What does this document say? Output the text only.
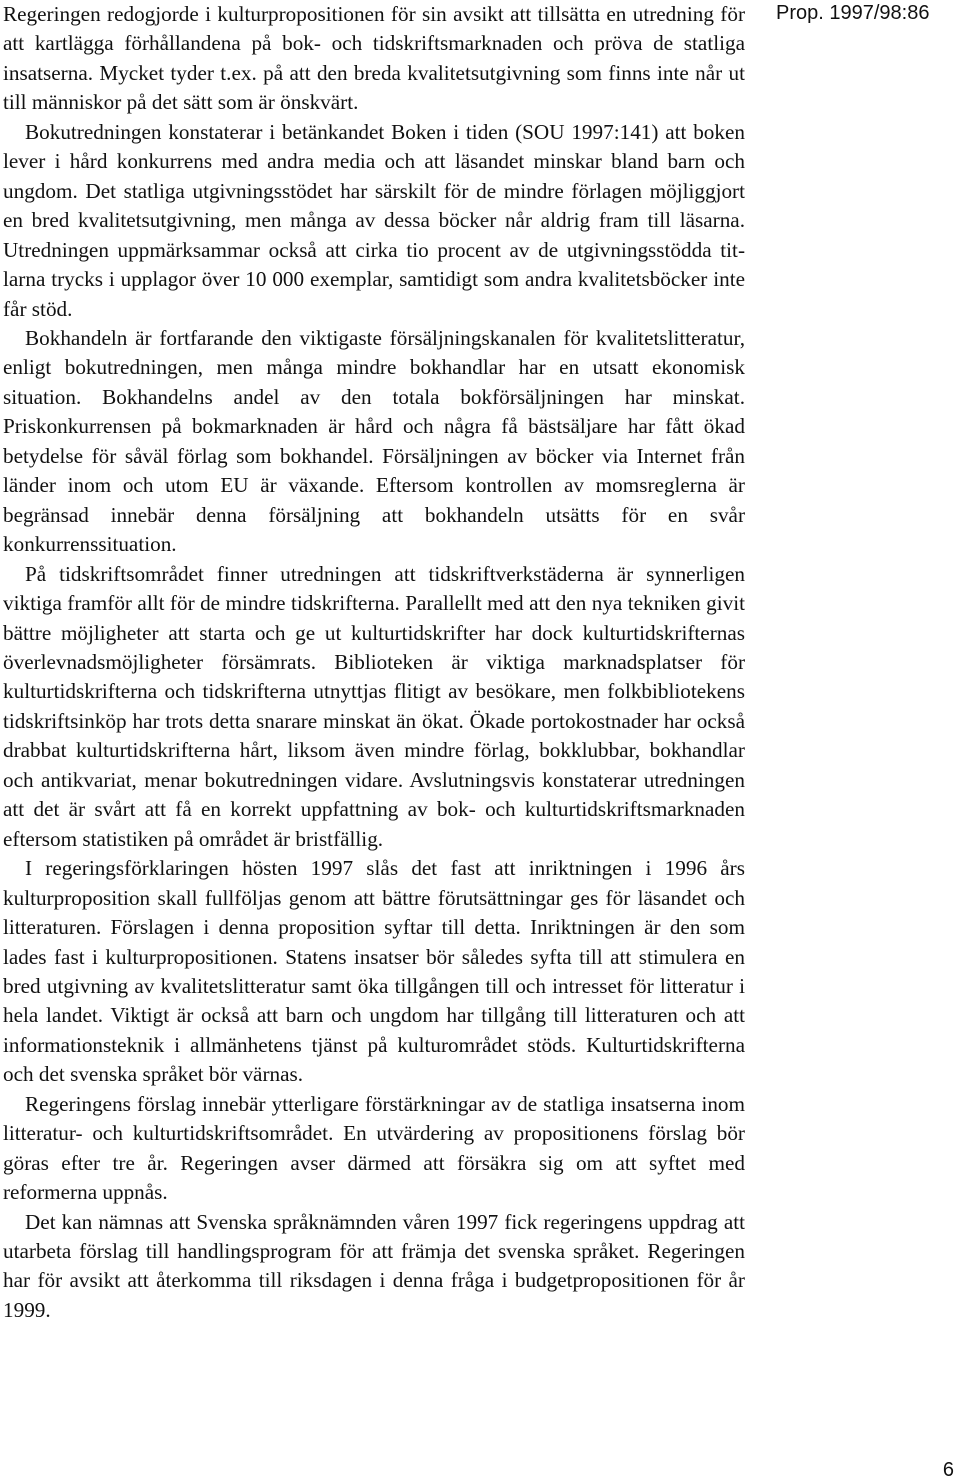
Prop. 1997/98:86

Regeringen redogjorde i kulturpropositionen för sin avsikt att tillsätta en utredning för att kartlägga förhållandena på bok- och tidskriftsmarknaden och pröva de statliga insatserna. Mycket tyder t.ex. på att den breda kvalitetsutgivning som finns inte når ut till människor på det sätt som är önskvärt.

Bokutredningen konstaterar i betänkandet Boken i tiden (SOU 1997:141) att boken lever i hård konkurrens med andra media och att läsandet minskar bland barn och ungdom. Det statliga utgivningsstödet har särskilt för de mindre förlagen möjliggjort en bred kvalitetsutgivning, men många av dessa böcker når aldrig fram till läsarna. Utredningen uppmärksammar också att cirka tio procent av de utgivningsstödda titlarna trycks i upplagor över 10 000 exemplar, samtidigt som andra kvalitetsböcker inte får stöd.

Bokhandeln är fortfarande den viktigaste försäljningskanalen för kvalitetslitteratur, enligt bokutredningen, men många mindre bokhandlar har en utsatt ekonomisk situation. Bokhandelns andel av den totala bokförsäljningen har minskat. Priskonkurrensen på bokmarknaden är hård och några få bästsäljare har fått ökad betydelse för såväl förlag som bokhandel. Försäljningen av böcker via Internet från länder inom och utom EU är växande. Eftersom kontrollen av momsreglerna är begränsad innebär denna försäljning att bokhandeln utsätts för en svår konkurrenssituation.

På tidskriftsområdet finner utredningen att tidskriftverkstäderna är synnerligen viktiga framför allt för de mindre tidskrifterna. Parallellt med att den nya tekniken givit bättre möjligheter att starta och ge ut kulturtidskrifter har dock kulturtidskrifternas överlevnadsmöjligheter försämrats. Biblioteken är viktiga marknadsplatser för kulturtidskrifterna och tidskrifterna utnyttjas flitigt av besökare, men folkbibliotekens tidskriftsinköp har trots detta snarare minskat än ökat. Ökade portokostnader har också drabbat kulturtidskrifterna hårt, liksom även mindre förlag, bokklubbar, bokhandlar och antikvariat, menar bokutredningen vidare. Avslutningsvis konstaterar utredningen att det är svårt att få en korrekt uppfattning av bok- och kulturtidskriftsmarknaden eftersom statistiken på området är bristfällig.

I regeringsförklaringen hösten 1997 slås det fast att inriktningen i 1996 års kulturproposition skall fullföljas genom att bättre förutsättningar ges för läsandet och litteraturen. Förslagen i denna proposition syftar till detta. Inriktningen är den som lades fast i kulturpropositionen. Statens insatser bör således syfta till att stimulera en bred utgivning av kvalitetslitteratur samt öka tillgången till och intresset för litteratur i hela landet. Viktigt är också att barn och ungdom har tillgång till litteraturen och att informationsteknik i allmänhetens tjänst på kulturområdet stöds. Kulturtidskrifterna och det svenska språket bör värnas.

Regeringens förslag innebär ytterligare förstärkningar av de statliga insatserna inom litteratur- och kulturtidskriftsområdet. En utvärdering av propositionens förslag bör göras efter tre år. Regeringen avser därmed att försäkra sig om att syftet med reformerna uppnås.

Det kan nämnas att Svenska språknämnden våren 1997 fick regeringens uppdrag att utarbeta förslag till handlingsprogram för att främja det svenska språket. Regeringen har för avsikt att återkomma till riksdagen i denna fråga i budgetpropositionen för år 1999.

6
